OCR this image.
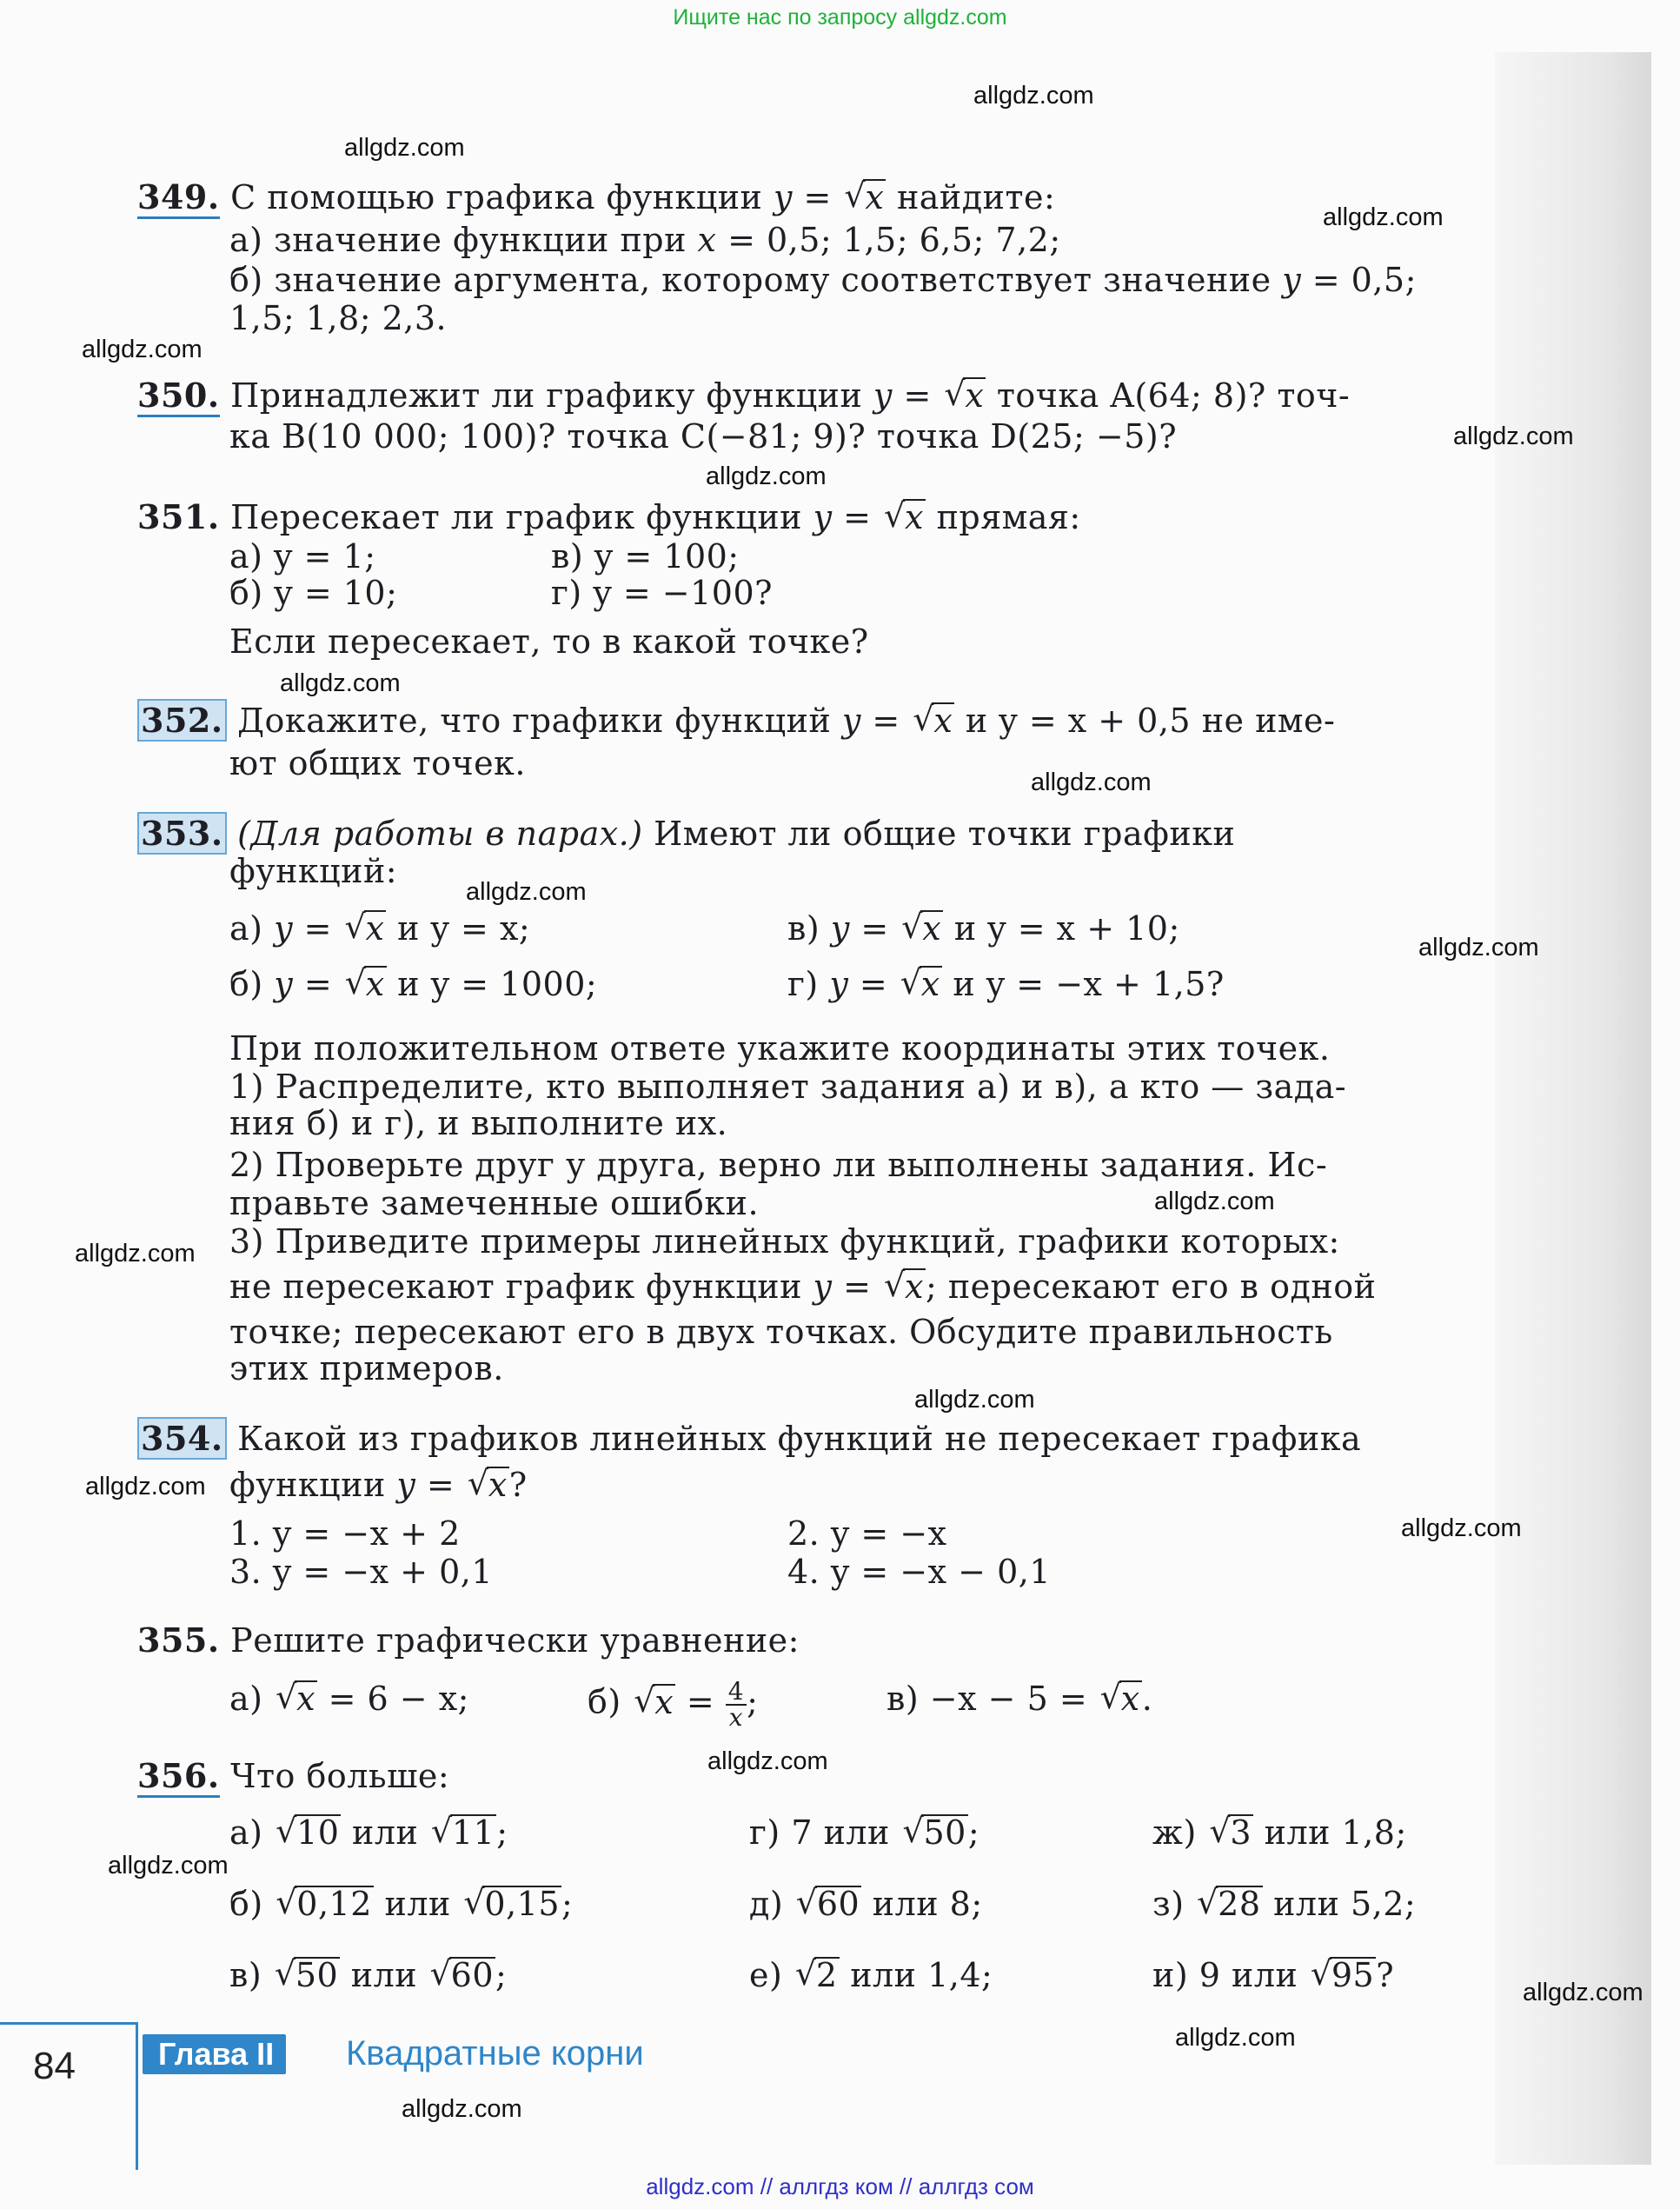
Ищите нас по запросу allgdz.com
allgdz.com
allgdz.com
allgdz.com
allgdz.com
allgdz.com
allgdz.com
allgdz.com
allgdz.com
allgdz.com
allgdz.com
allgdz.com
allgdz.com
allgdz.com
allgdz.com
allgdz.com
allgdz.com
allgdz.com
allgdz.com
allgdz.com
allgdz.com
349. С помощью графика функции y = √ x найдите:
а) значение функции при x = 0,5; 1,5; 6,5; 7,2;
б) значение аргумента, которому соответствует значение y = 0,5;
1,5; 1,8; 2,3.
350. Принадлежит ли графику функции y = √ x точка A(64; 8)? точ-
ка B(10 000; 100)? точка C(−81; 9)? точка D(25; −5)?
351. Пересекает ли график функции y = √ x прямая:
а) y = 1;	в) y = 100;
б) y = 10;	г) y = −100?
Если пересекает, то в какой точке?
352. Докажите, что графики функций y = √ x и y = x + 0,5 не име-
ют общих точек.
353. (Для работы в парах.) Имеют ли общие точки графики
функций:
а) y = √ x и y = x;	в) y = √ x и y = x + 10;
б) y = √ x и y = 1000;	г) y = √ x и y = −x + 1,5?
При положительном ответе укажите координаты этих точек.
1) Распределите, кто выполняет задания а) и в), а кто — зада-
ния б) и г), и выполните их.
2) Проверьте друг у друга, верно ли выполнены задания. Ис-
правьте замеченные ошибки.
3) Приведите примеры линейных функций, графики которых:
не пересекают график функции y = √ x; пересекают его в одной
точке; пересекают его в двух точках. Обсудите правильность
этих примеров.
354. Какой из графиков линейных функций не пересекает графика
функции y = √ x?
1. y = −x + 2	2. y = −x
3. y = −x + 0,1	4. y = −x − 0,1
355. Решите графически уравнение:
а) √ x = 6 − x;	б) √ $x = \frac{4}{x}$ ;	в) −x − 5 = √ x.
356. Что больше:
а) √ 10 или √ 11;	г) 7 или √ 50;	ж) √ 3 или 1,8;
б) √ 0,12 или √ 0,15;	д) √ 60 или 8;	з) √ 28 или 5,2;
в) √ 50 или √ 60;	е) √ 2 или 1,4;	и) 9 или √ 95?
84	Глава II	Квадратные корни
allgdz.com // аллгдз ком // аллгдз сом
